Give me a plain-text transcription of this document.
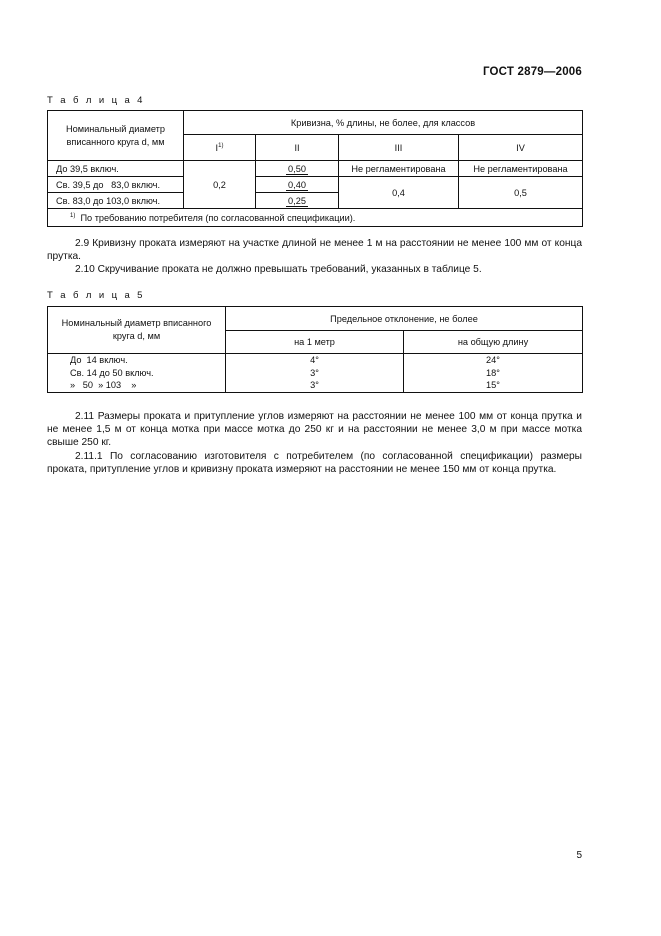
ГОСТ 2879—2006
Т а б л и ц а 4
Номинальный диаметр вписанного круга d, мм	Кривизна, % длины, не более, для классов			
	$I^{1)}$	II	III	IV
До 39,5 включ.	0,2	0,50	Не регламентирована	Не регламентирована
Св. 39,5 до   83,0 включ.		0,40	0,4	0,5
Св. 83,0 до 103,0 включ.		0,25		
$^{1)}$ По требованию потребителя (по согласованной спецификации).				
2.9 Кривизну проката измеряют на участке длиной не менее 1 м на расстоянии не менее 100 мм от конца прутка.
2.10 Скручивание проката не должно превышать требований, указанных в таблице 5.
Т а б л и ц а 5
Номинальный диаметр вписанного круга d, мм	Предельное отклонение, не более	
	на 1 метр	на общую длину
До  14 включ.	4°	24°
Св. 14 до 50 включ.	3°	18°
»   50  » 103    »	3°	15°
2.11 Размеры проката и притупление углов измеряют на расстоянии не менее 100 мм от конца прутка и не менее 1,5 м от конца мотка при массе мотка до 250 кг и на расстоянии не менее 3,0 м при массе мотка свыше 250 кг.
2.11.1 По согласованию изготовителя с потребителем (по согласованной спецификации) размеры проката, притупление углов и кривизну проката измеряют на расстоянии не менее 150 мм от конца прутка.
5
